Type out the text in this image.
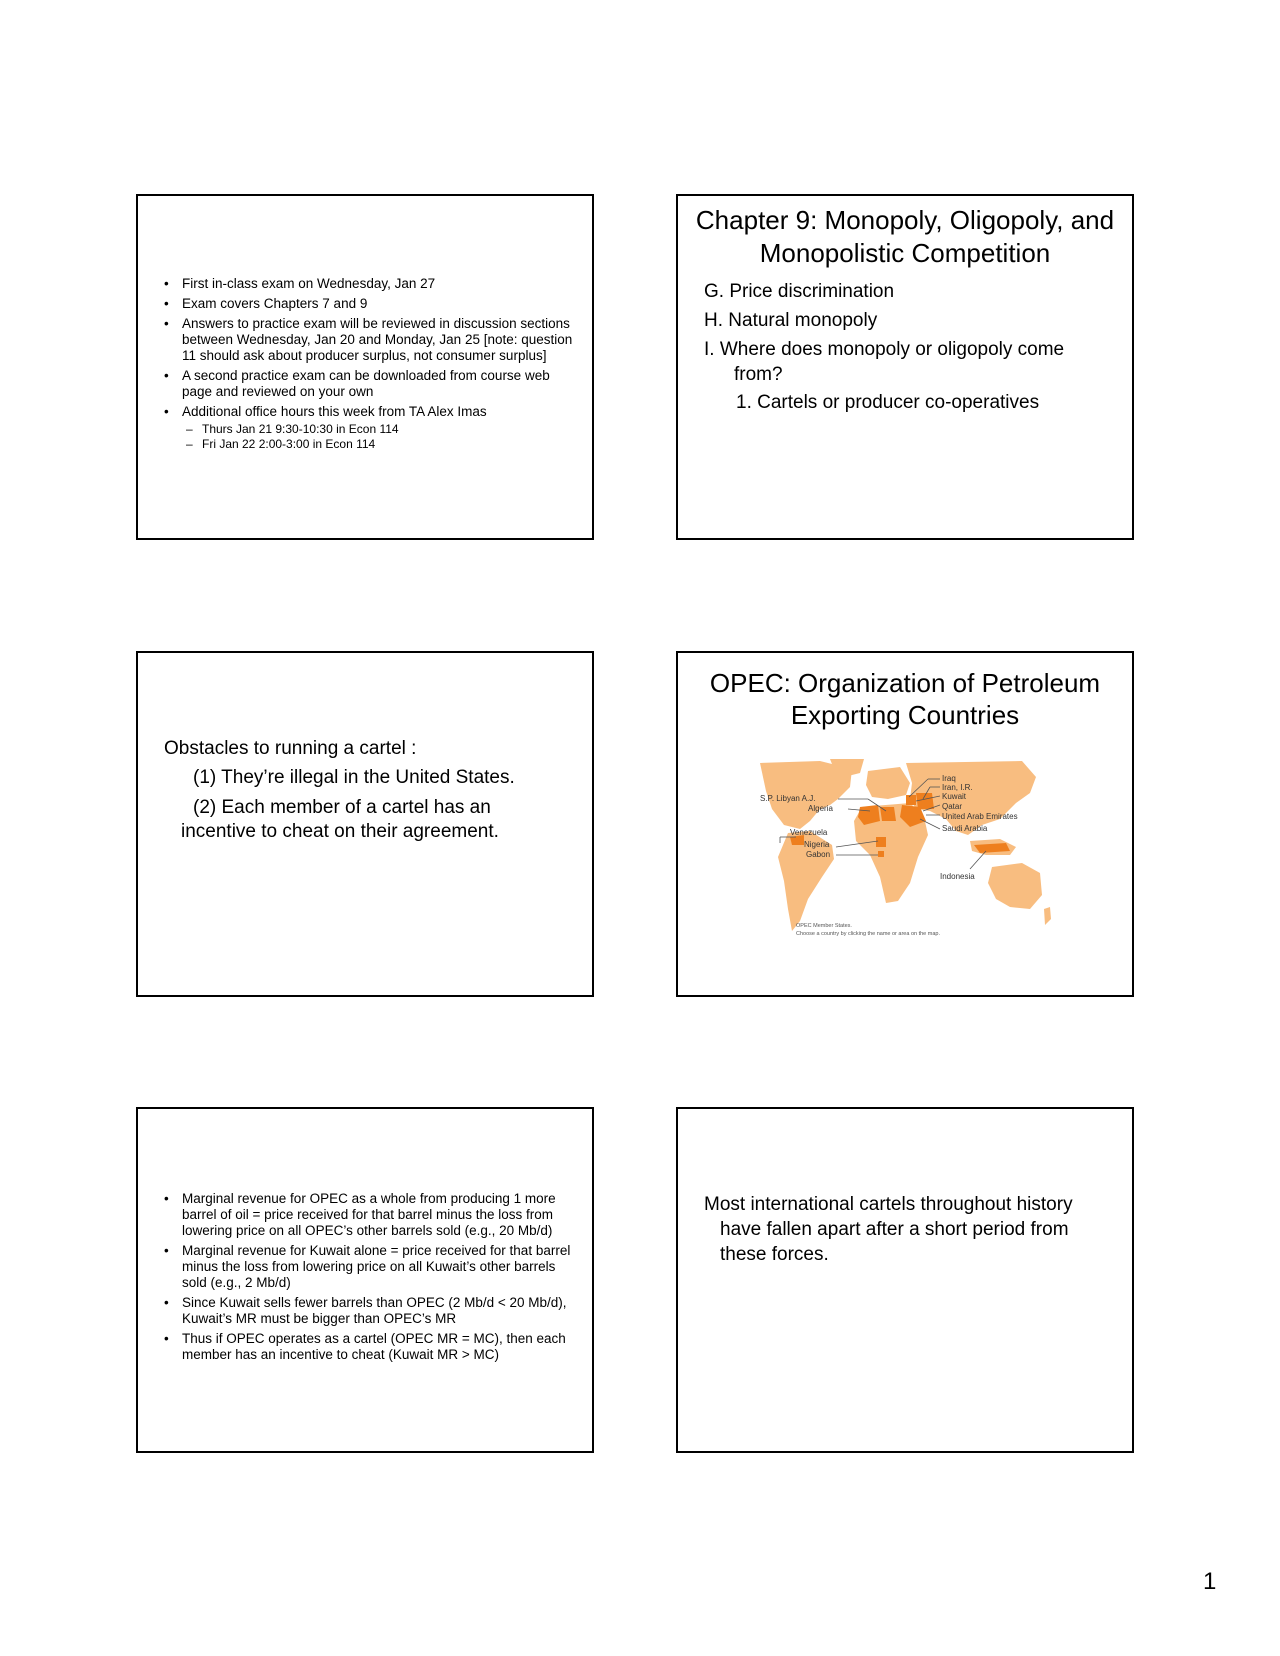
• First in-class exam on Wednesday, Jan 27
• Exam covers Chapters 7 and 9
• Answers to practice exam will be reviewed in discussion sections between Wednesday, Jan 20 and Monday, Jan 25 [note: question 11 should ask about producer surplus, not consumer surplus]
• A second practice exam can be downloaded from course web page and reviewed on your own
• Additional office hours this week from TA Alex Imas
– Thurs Jan 21 9:30-10:30 in Econ 114
– Fri Jan 22 2:00-3:00 in Econ 114
Chapter 9: Monopoly, Oligopoly, and Monopolistic Competition
G. Price discrimination
H. Natural monopoly
I. Where does monopoly or oligopoly come
from?
1. Cartels or producer co-operatives
Obstacles to running a cartel :
(1) They’re illegal in the United States.
(2) Each member of a cartel has an
incentive to cheat on their agreement.
OPEC: Organization of Petroleum Exporting Countries
Iraq
Iran, I.R.
Kuwait
Qatar
United Arab Emirates
Saudi Arabia
S.P. Libyan A.J.
Algeria
Venezuela
Nigeria
Gabon
Indonesia
OPEC Member States.
Choose a country by clicking the name or area on the map.
• Marginal revenue for OPEC as a whole from producing 1 more barrel of oil = price received for that barrel minus the loss from lowering price on all OPEC’s other barrels sold (e.g., 20 Mb/d)
• Marginal revenue for Kuwait alone = price received for that barrel minus the loss from lowering price on all Kuwait’s other barrels sold (e.g., 2 Mb/d)
• Since Kuwait sells fewer barrels than OPEC (2 Mb/d < 20 Mb/d), Kuwait’s MR must be bigger than OPEC’s MR
• Thus if OPEC operates as a cartel (OPEC MR = MC), then each member has an incentive to cheat (Kuwait MR > MC)
Most international cartels throughout history
have fallen apart after a short period from
these forces.
1
